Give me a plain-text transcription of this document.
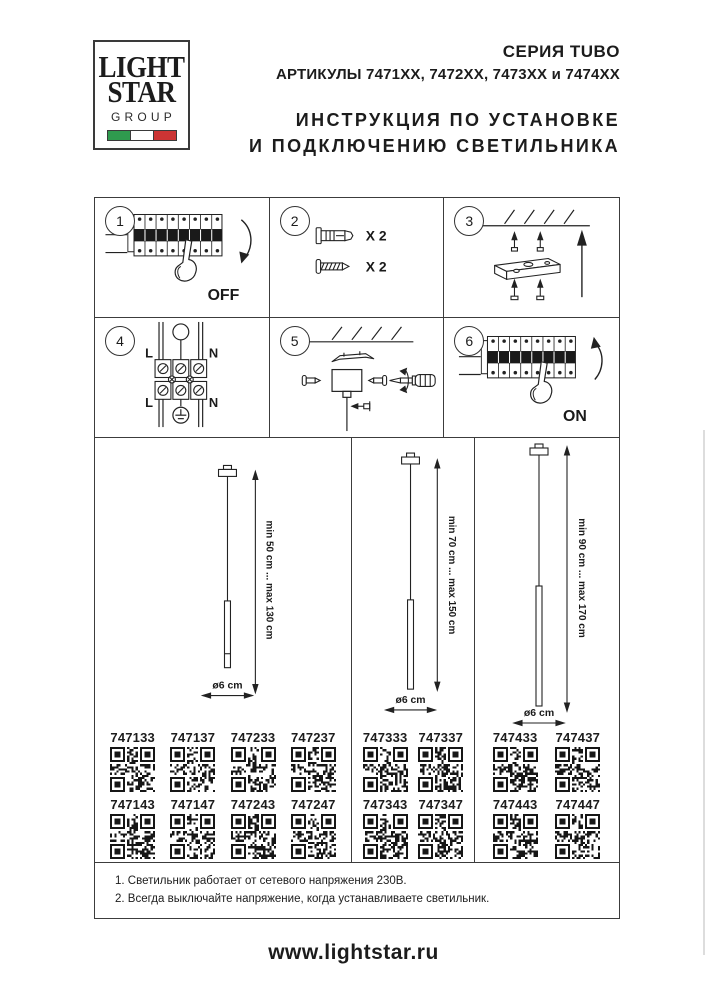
LIGHT
STAR
GROUP
СЕРИЯ TUBO
АРТИКУЛЫ 7471XX, 7472XX, 7473XX и 7474XX
ИНСТРУКЦИЯ ПО УСТАНОВКЕ
И ПОДКЛЮЧЕНИЮ СВЕТИЛЬНИКА
1
OFF
2
X 2
X 2
3
4
L	N
L	N
5	6
ON
ø6 cm
min 50 cm ... max 130 cm
747133 747137 747233 747237
747143 747147 747243 747247
ø6 cm
min 70 cm ... max 150 cm
747333 747337
747343 747347
ø6 cm
min 90 cm ... max 170 cm
747433 747437
747443 747447
1. Светильник работает от сетевого напряжения 230В.
2. Всегда выключайте напряжение, когда устанавливаете светильник.
www.lightstar.ru
